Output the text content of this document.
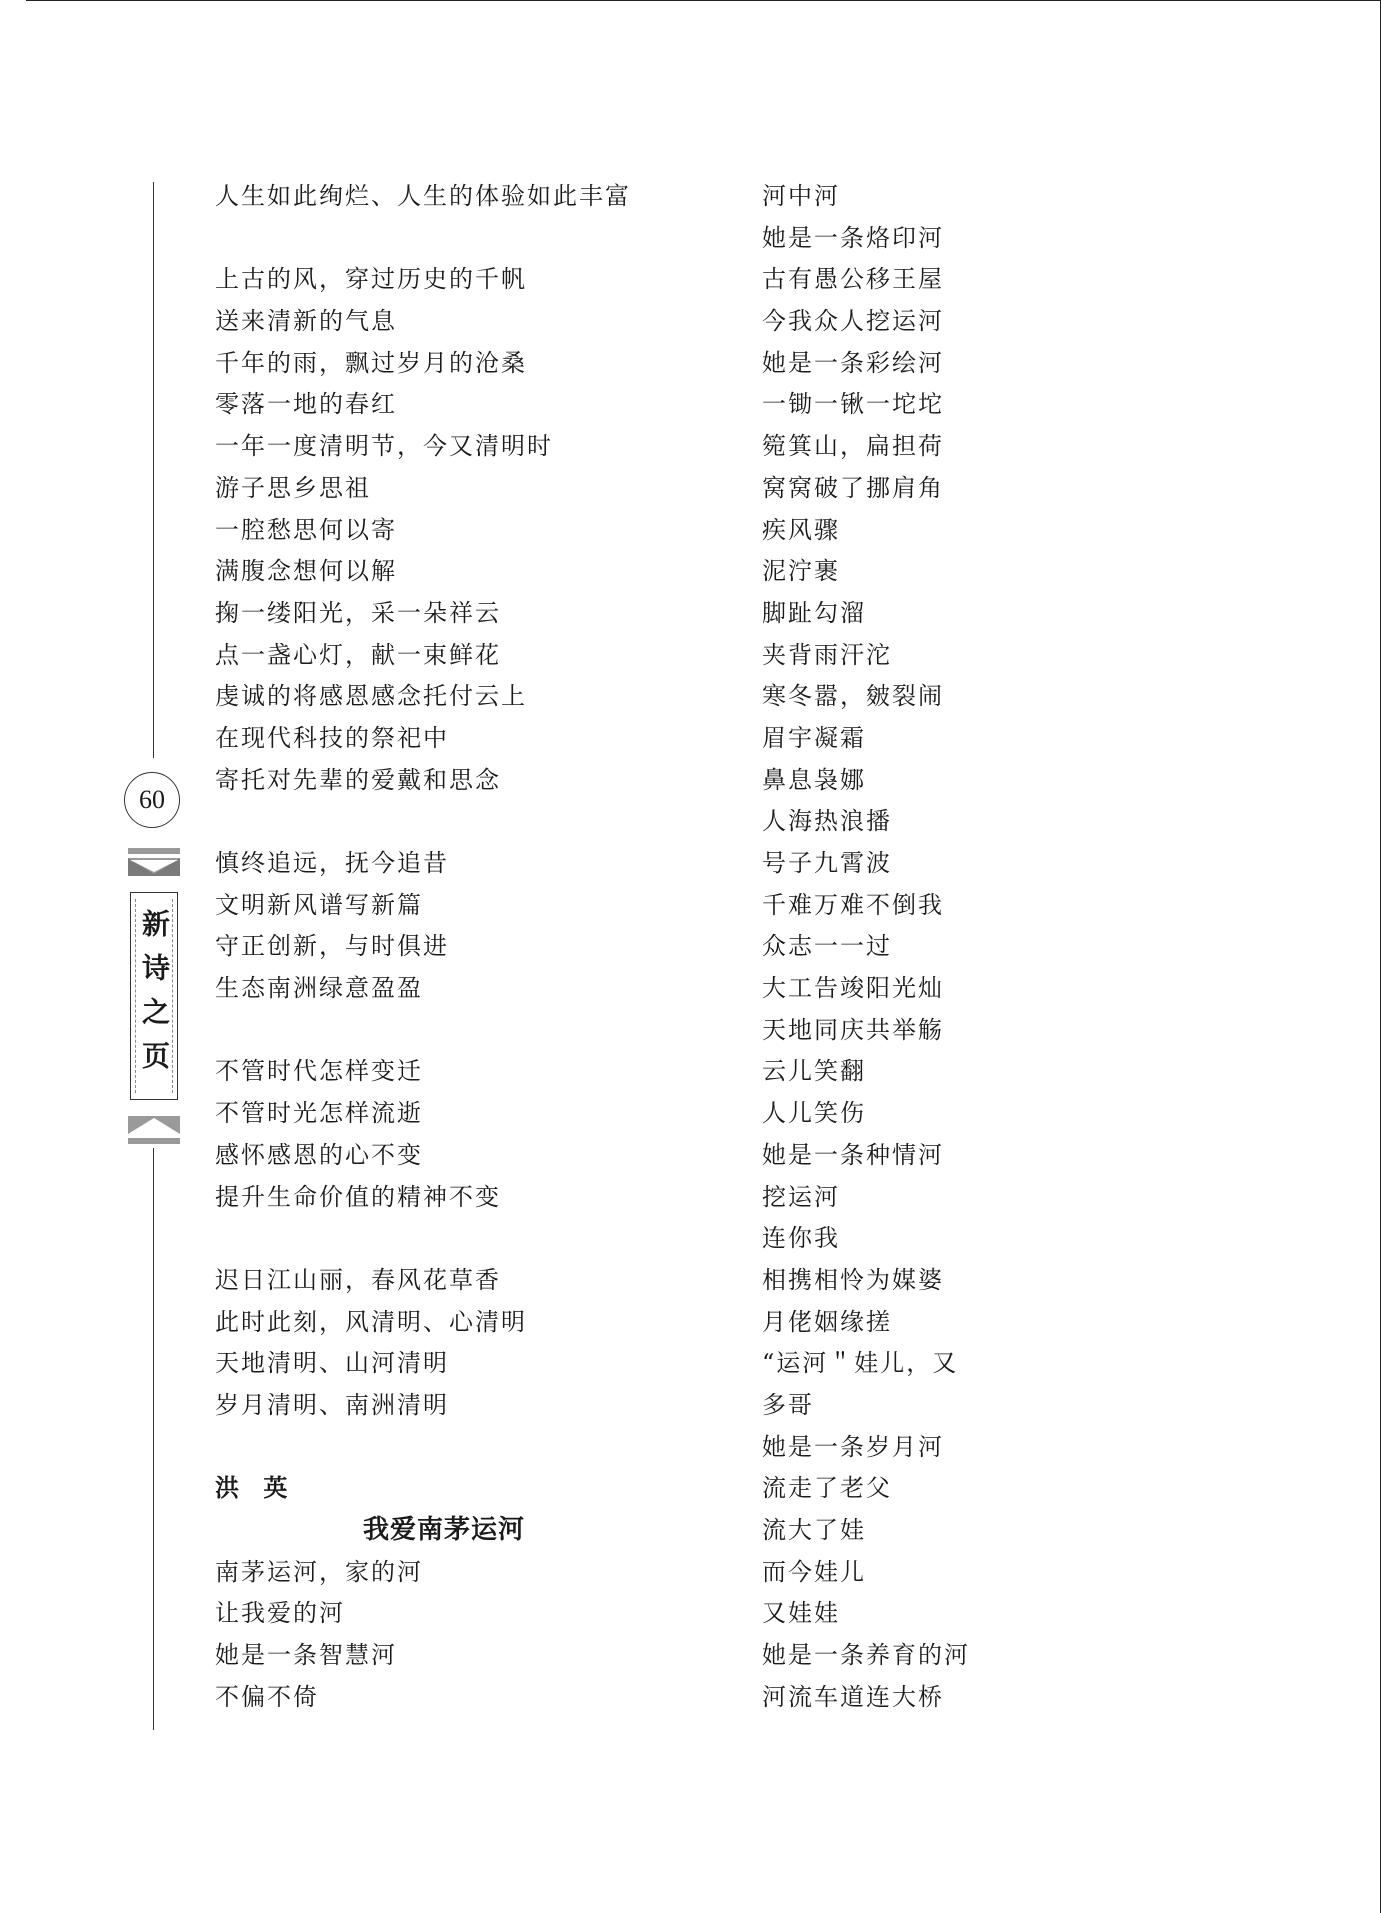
60
新诗之页
人生如此绚烂、人生的体验如此丰富
上古的风，穿过历史的千帆
送来清新的气息
千年的雨，飘过岁月的沧桑
零落一地的春红
一年一度清明节，今又清明时
游子思乡思祖
一腔愁思何以寄
满腹念想何以解
掬一缕阳光，采一朵祥云
点一盏心灯，献一束鲜花
虔诚的将感恩感念托付云上
在现代科技的祭祀中
寄托对先辈的爱戴和思念
慎终追远，抚今追昔
文明新风谱写新篇
守正创新，与时俱进
生态南洲绿意盈盈
不管时代怎样变迁
不管时光怎样流逝
感怀感恩的心不变
提升生命价值的精神不变
迟日江山丽，春风花草香
此时此刻，风清明、心清明
天地清明、山河清明
岁月清明、南洲清明
洪 英
我爱南茅运河
南茅运河，家的河
让我爱的河
她是一条智慧河
不偏不倚
河中河
她是一条烙印河
古有愚公移王屋
今我众人挖运河
她是一条彩绘河
一锄一锹一坨坨
箢箕山，扁担荷
窝窝破了挪肩角
疾风骤
泥泞裹
脚趾勾溜
夹背雨汗沱
寒冬嚣，皴裂闹
眉宇凝霜
鼻息袅娜
人海热浪播
号子九霄波
千难万难不倒我
众志一一过
大工告竣阳光灿
天地同庆共举觞
云儿笑翻
人儿笑伤
她是一条种情河
挖运河
连你我
相携相怜为媒婆
月佬姻缘搓
“运河＂娃儿，又
多哥
她是一条岁月河
流走了老父
流大了娃
而今娃儿
又娃娃
她是一条养育的河
河流车道连大桥
